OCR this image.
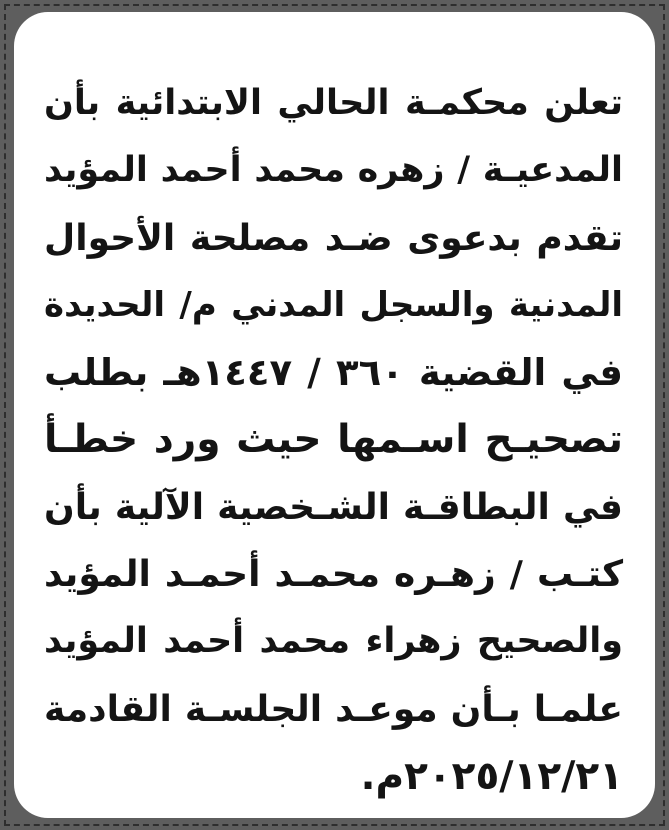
تعلن محكمـة الحالي الابتدائية بأن
المدعيـة / زهره محمد أحمد المؤيد
تقدم بدعوى ضـد مصلحة الأحوال
المدنية والسجل المدني م/ الحديدة
في القضية ٣٦٠ / ١٤٤٧هـ بطلب
تصحيـح اسـمها حيث ورد خطـأ
في البطاقـة الشـخصية الآلية بأن
كتـب / زهـره محمـد أحمـد المؤيد
والصحيح زهراء محمد أحمد المؤيد
علمـا بـأن موعـد الجلسـة القادمة
٢٠٢٥/١٢/٢١م.
